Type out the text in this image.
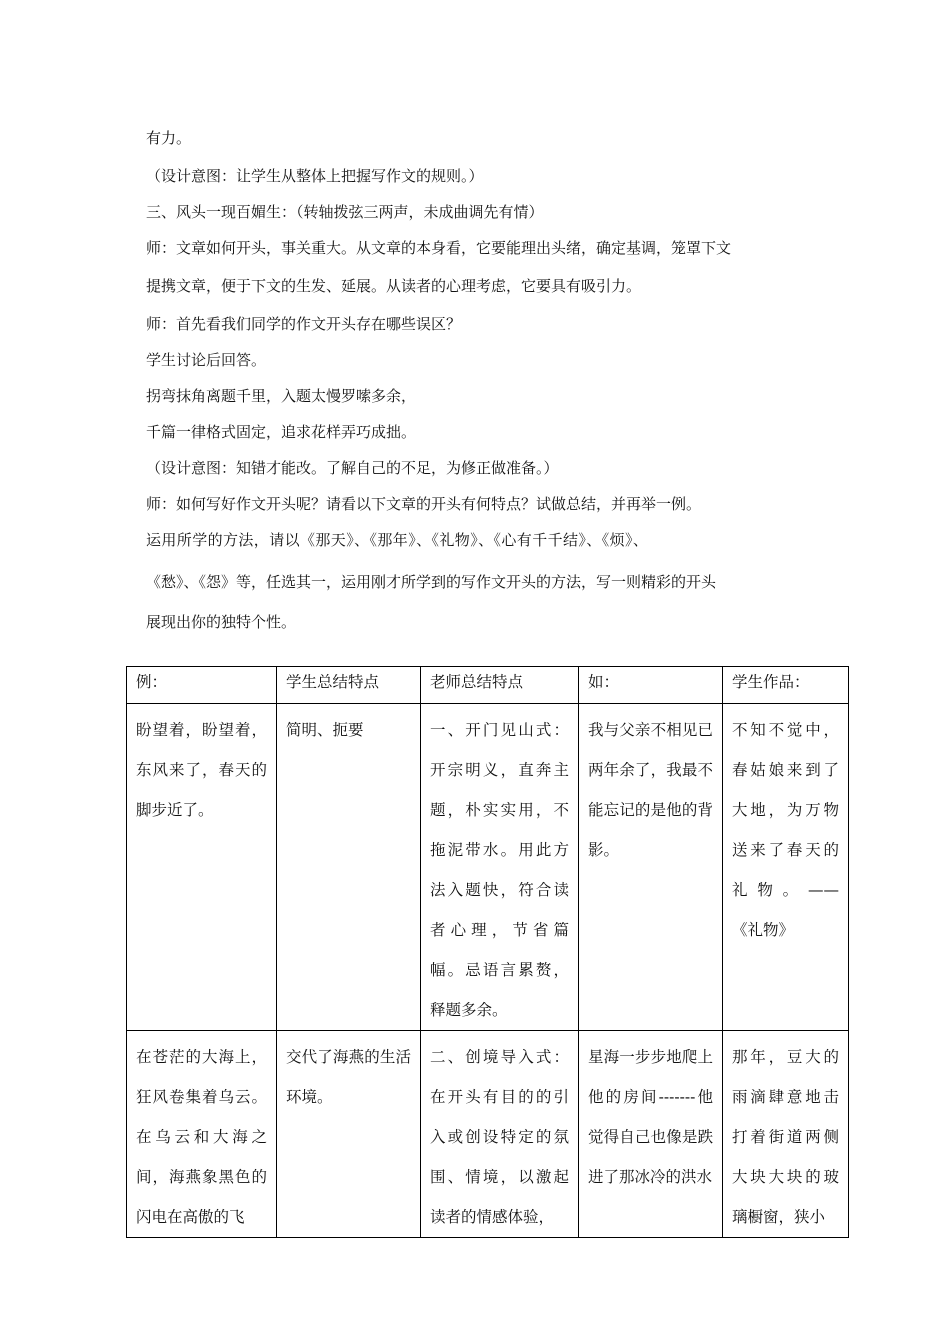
有力。
（设计意图：让学生从整体上把握写作文的规则。）
三、风头一现百媚生：（转轴拨弦三两声，未成曲调先有情）
师：文章如何开头，事关重大。从文章的本身看，它要能理出头绪，确定基调，笼罩下文
提携文章，便于下文的生发、延展。从读者的心理考虑，它要具有吸引力。
师：首先看我们同学的作文开头存在哪些误区？
学生讨论后回答。
拐弯抹角离题千里，入题太慢罗嗦多余，
千篇一律格式固定，追求花样弄巧成拙。
（设计意图：知错才能改。了解自己的不足，为修正做准备。）
师：如何写好作文开头呢？请看以下文章的开头有何特点？试做总结，并再举一例。
运用所学的方法，请以《那天》、《那年》、《礼物》、《心有千千结》、《烦》、
《愁》、《怨》等，任选其一，运用刚才所学到的写作文开头的方法，写一则精彩的开头
展现出你的独特个性。
例：	学生总结特点	老师总结特点	如：	学生作品：
盼望着，盼望着，东风来了，春天的脚步近了。	简明、扼要	一、开门见山式：开宗明义，直奔主题，朴实实用，不拖泥带水。用此方法入题快，符合读者心理，节省篇幅。忌语言累赘，释题多余。	我与父亲不相见已两年余了，我最不能忘记的是他的背影。	不知不觉中，春姑娘来到了大地，为万物送来了春天的礼物。——《礼物》
在苍茫的大海上，狂风卷集着乌云。在乌云和大海之间，海燕象黑色的闪电在高傲的飞	交代了海燕的生活环境。	二、创境导入式：在开头有目的的引入或创设特定的氛围、情境，以激起读者的情感体验，	星海一步步地爬上他的房间-------他觉得自己也像是跌进了那冰冷的洪水	那年，豆大的雨滴肆意地击打着街道两侧大块大块的玻璃橱窗，狭小
